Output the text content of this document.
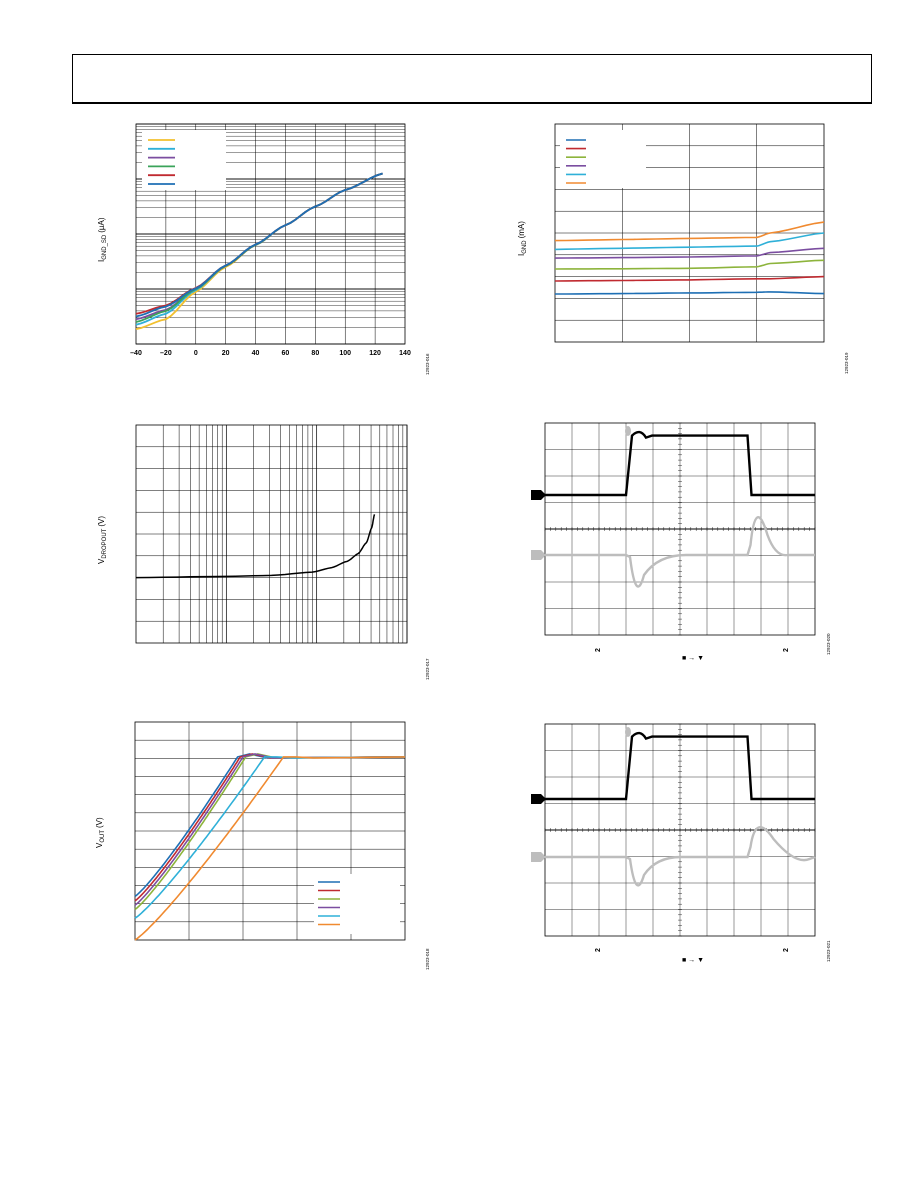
–40	–20	0	20	40	60	80	100	120	140
$I_{GND\_SD}(\mu A)$
12923-016
$I_{GND}(mA)$
12923-019
$V_{DROPOUT}(V)$
12923-017
12923-020
2	2
■ → ▼
$V_{OUT}(V)$
12923-018	12923-021
2	2
■ → ▼
